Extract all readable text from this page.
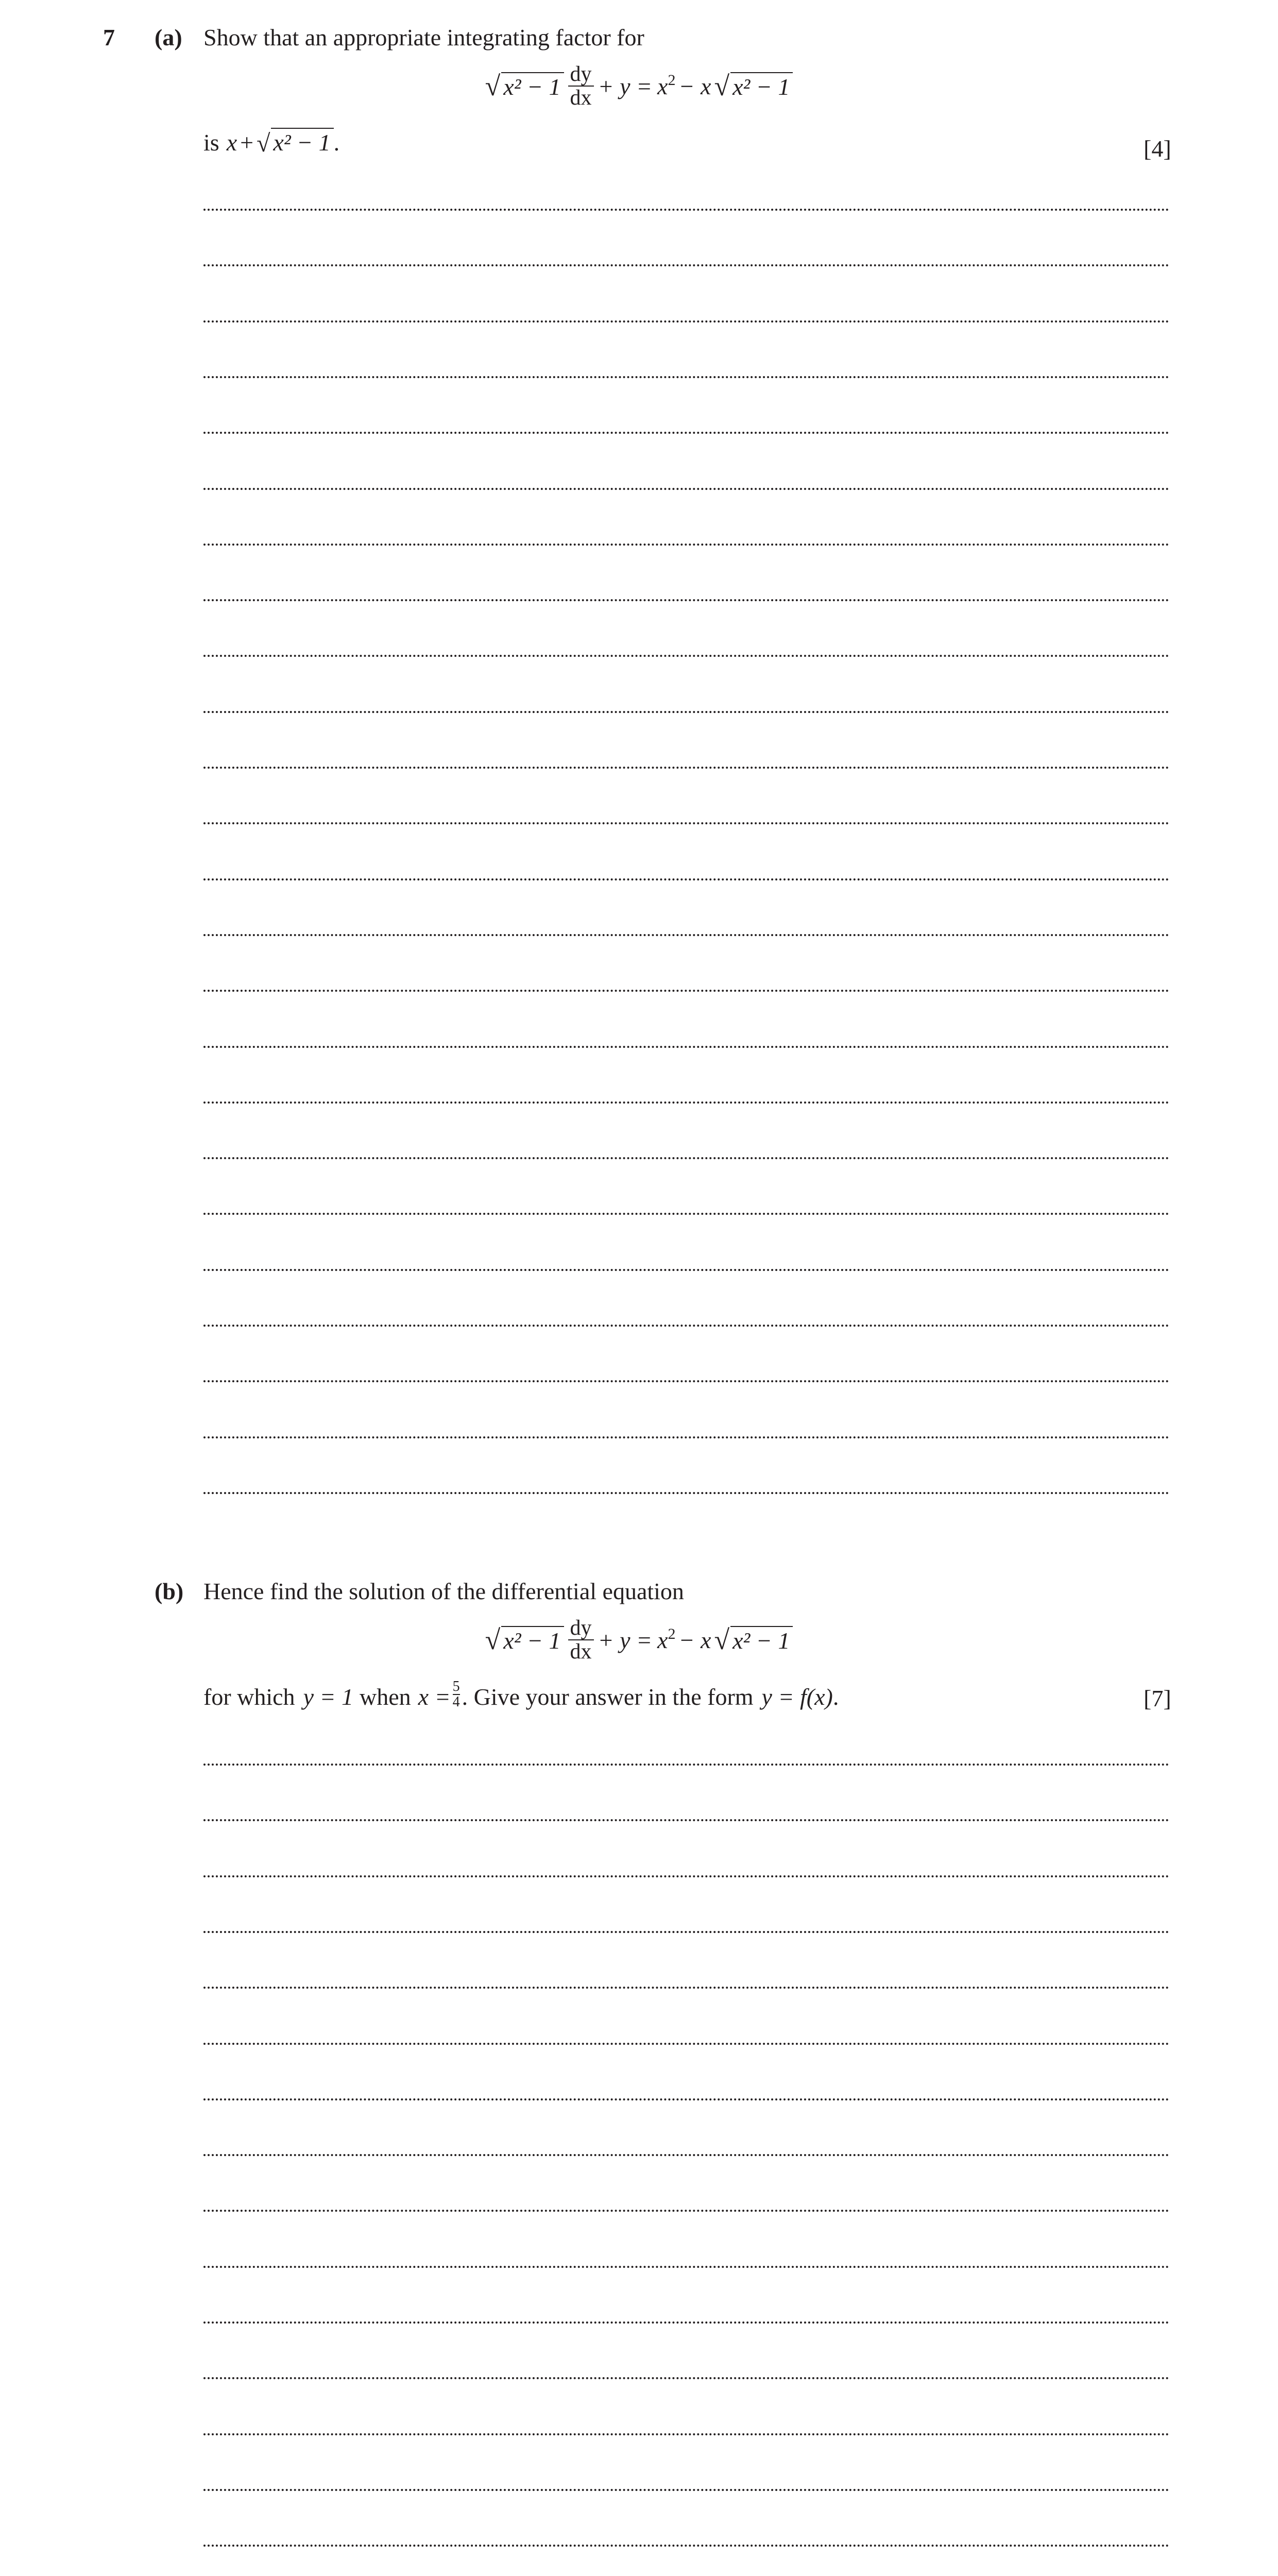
7 (a) Show that an appropriate integrating factor for
√ $x^2 - 1 \frac{dy}{dx} + y = x^2 - x$ √ x² − 1
is x + √ x² − 1 .	[4]
(b) Hence find the solution of the differential equation
√ $x^2 - 1 \frac{dy}{dx} + y = x^2 - x$ √ x² − 1
for which y = 1 when $x = \frac{5}{4}$ . Give your answer in the form y = f(x) .	[7]
